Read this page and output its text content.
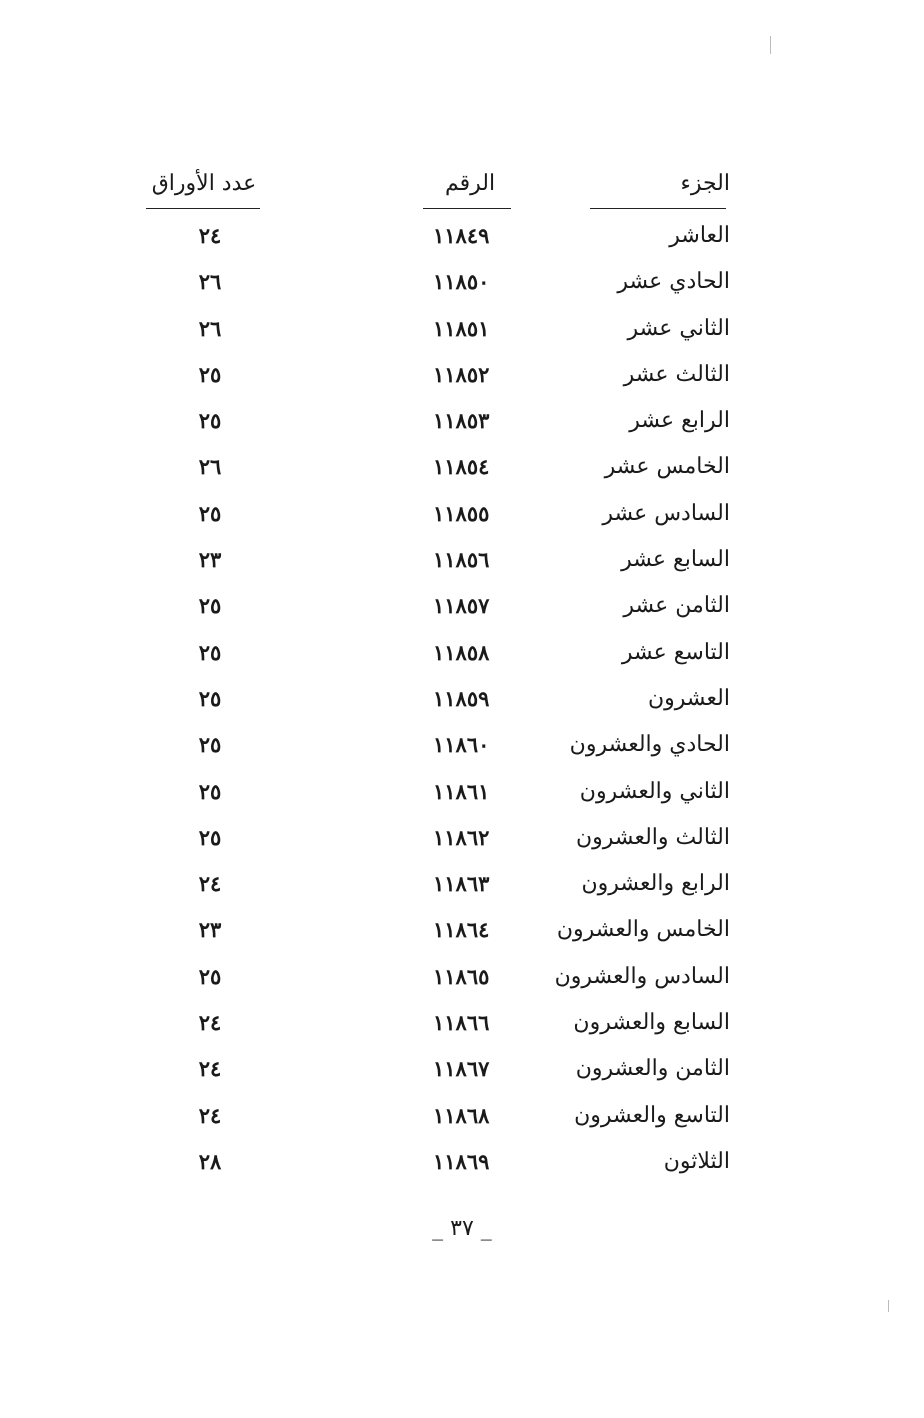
الجزء
الرقم
عدد الأوراق
العاشر
١١٨٤٩
٢٤
الحادي عشر
١١٨٥٠
٢٦
الثاني عشر
١١٨٥١
٢٦
الثالث عشر
١١٨٥٢
٢٥
الرابع عشر
١١٨٥٣
٢٥
الخامس عشر
١١٨٥٤
٢٦
السادس عشر
١١٨٥٥
٢٥
السابع عشر
١١٨٥٦
٢٣
الثامن عشر
١١٨٥٧
٢٥
التاسع عشر
١١٨٥٨
٢٥
العشرون
١١٨٥٩
٢٥
الحادي والعشرون
١١٨٦٠
٢٥
الثاني والعشرون
١١٨٦١
٢٥
الثالث والعشرون
١١٨٦٢
٢٥
الرابع والعشرون
١١٨٦٣
٢٤
الخامس والعشرون
١١٨٦٤
٢٣
السادس والعشرون
١١٨٦٥
٢٥
السابع والعشرون
١١٨٦٦
٢٤
الثامن والعشرون
١١٨٦٧
٢٤
التاسع والعشرون
١١٨٦٨
٢٤
الثلاثون
١١٨٦٩
٢٨
_ ٣٧ _
